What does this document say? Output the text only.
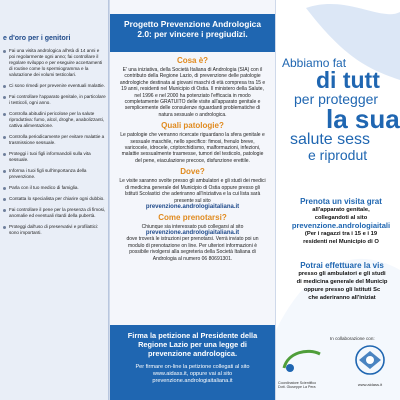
e d'oro per i genitori
Fai una visita andrologica all'età di 14 anni e poi regolarmente ogni anno; fai controllare il regolare sviluppo e per eseguire accertamenti di routine come lo spermiogramma e la valutazione dei volumi testicolari.
Ci sono rimedi per prevenire eventuali malattie.
Fai controllare l'apparato genitale, in particolare i testicoli, ogni anno.
Controlla abitudini pericolose per la salute riproduttiva: fumo, alcol, droghe, anabolizzanti, cattiva alimentazione.
Controlla periodicamente per evitare malattie a trasmissione sessuale.
Proteggi i tuoi figli informandoli sulla vita sessuale.
Informa i tuoi figli sull'importanza della prevenzione.
Parla con il tuo medico di famiglia.
Contatta lo specialista per chiarire ogni dubbio.
Fai controllare il pene per la presenza di fimosi, anomalie ed eventuali ritardi della pubertà.
Proteggi dall'uso di preservativi e profilattici: sono importanti.
Progetto Prevenzione Andrologica 2.0: per vincere i pregiudizi.
Cosa è?
E' una iniziativa, della Società Italiana di Andrologia (SIA) con il contributo della Regione Lazio, di prevenzione delle patologie andrologiche destinata ai giovani maschi di età compresa tra 15 e 19 anni, residenti nel Municipio di Ostia. Il ministero della Salute, nel 1996 e nel 2000 ha potenziato l'efficacia in modo completamente GRATUITO delle visite all'apparato genitale e semplicemente delle consulenze riguardanti problematiche di natura sessuale o andrologica.
Quali patologie?
Le patologie che verranno ricercate riguardano la sfera genitale e sessuale maschile, nello specifico: fimosi, frenulo breve, varicocele, idrocele, criptorchidismo, malformazioni, infezioni, malattie sessualmente trasmesse, tumori del testicolo, patologie del pene, eiaculazione precoce, disfunzione erettile.
Dove?
Le visite saranno svolte presso gli ambulatori e gli studi dei medici di medicina generale del Municipio di Ostia oppure presso gli Istituti Scolastici che aderiranno all'iniziativa e la cui lista sarà presente sul sito
prevenzione.andrologiaitaliana.it
Come prenotarsi?
Chiunque sia interessato può collegarsi al sito
prevenzione.andrologiaitaliana.it
dove troverà le istruzioni per prenotarsi. Verrà inviato poi un modulo di prenotazione on line. Per ulteriori informazioni è possibile rivolgersi alla segreteria della Società Italiana di Andrologia al numero 06 80691301.
Firma la petizione al Presidente della Regione Lazio per una legge di prevenzione andrologica.
Per firmare on-line la petizione collegati al sito www.aidass.it, oppure vai al sito prevenzione.andrologiaitaliana.it
Abbiamo fat
di tutt
per protegger
la sua
salute sess
e riprodut
Prenota un visita grat
all'apparato genitale,
collegandoti al sito
prevenzione.andrologiaitali
(Per i ragazzi tra i 15 e i 19
residenti nel Municipio di O
Potrai effettuare la vis
presso gli ambulatori e gli studi
di medicina generale del Municip
oppure presso gli Istituti Sc
che aderiranno all'iniziat
In collaborazione con:
Coordinatore Scientifico
Dott. Giuseppe La Pera
www.aidass.it
